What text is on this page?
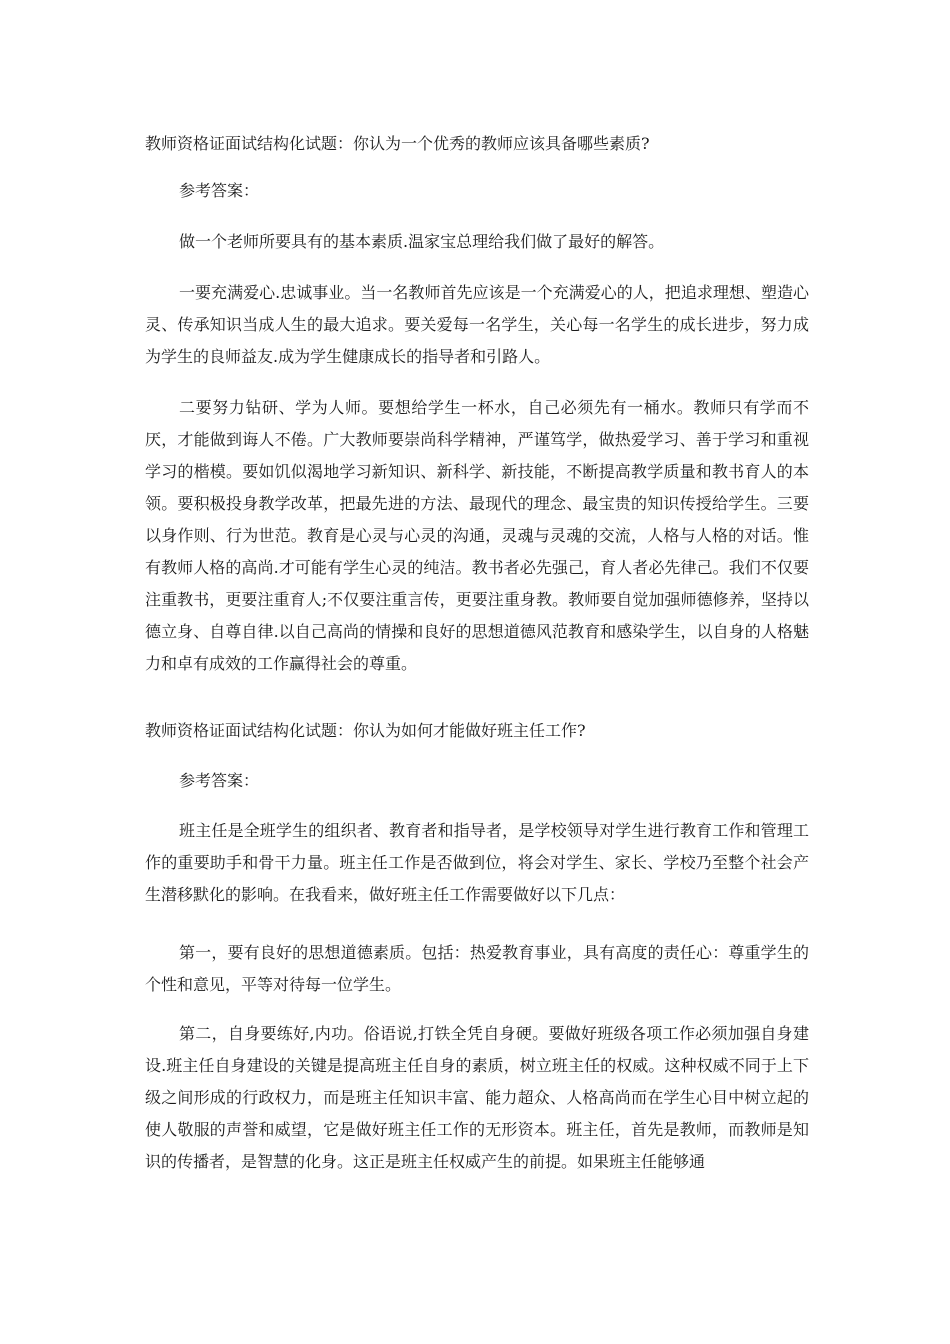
教师资格证面试结构化试题：你认为一个优秀的教师应该具备哪些素质?

参考答案：

做一个老师所要具有的基本素质.温家宝总理给我们做了最好的解答。

一要充满爱心.忠诚事业。当一名教师首先应该是一个充满爱心的人，把追求理想、塑造心灵、传承知识当成人生的最大追求。要关爱每一名学生，关心每一名学生的成长进步，努力成为学生的良师益友.成为学生健康成长的指导者和引路人。

二要努力钻研、学为人师。要想给学生一杯水，自己必须先有一桶水。教师只有学而不厌，才能做到诲人不倦。广大教师要崇尚科学精神，严谨笃学，做热爱学习、善于学习和重视学习的楷模。要如饥似渴地学习新知识、新科学、新技能，不断提高教学质量和教书育人的本领。要积极投身教学改革，把最先进的方法、最现代的理念、最宝贵的知识传授给学生。三要以身作则、行为世范。教育是心灵与心灵的沟通，灵魂与灵魂的交流，人格与人格的对话。惟有教师人格的高尚.才可能有学生心灵的纯洁。教书者必先强己，育人者必先律己。我们不仅要注重教书，更要注重育人;不仅要注重言传，更要注重身教。教师要自觉加强师德修养，坚持以德立身、自尊自律.以自己高尚的情操和良好的思想道德风范教育和感染学生，以自身的人格魅力和卓有成效的工作赢得社会的尊重。

教师资格证面试结构化试题：你认为如何才能做好班主任工作?

参考答案：

班主任是全班学生的组织者、教育者和指导者，是学校领导对学生进行教育工作和管理工作的重要助手和骨干力量。班主任工作是否做到位，将会对学生、家长、学校乃至整个社会产生潜移默化的影响。在我看来，做好班主任工作需要做好以下几点：

第一，要有良好的思想道德素质。包括：热爱教育事业，具有高度的责任心：尊重学生的个性和意见，平等对待每一位学生。

第二，自身要练好,内功。俗语说,打铁全凭自身硬。要做好班级各项工作必须加强自身建设.班主任自身建设的关键是提高班主任自身的素质，树立班主任的权威。这种权威不同于上下级之间形成的行政权力，而是班主任知识丰富、能力超众、人格高尚而在学生心目中树立起的使人敬服的声誉和威望，它是做好班主任工作的无形资本。班主任，首先是教师，而教师是知识的传播者，是智慧的化身。这正是班主任权威产生的前提。如果班主任能够通
